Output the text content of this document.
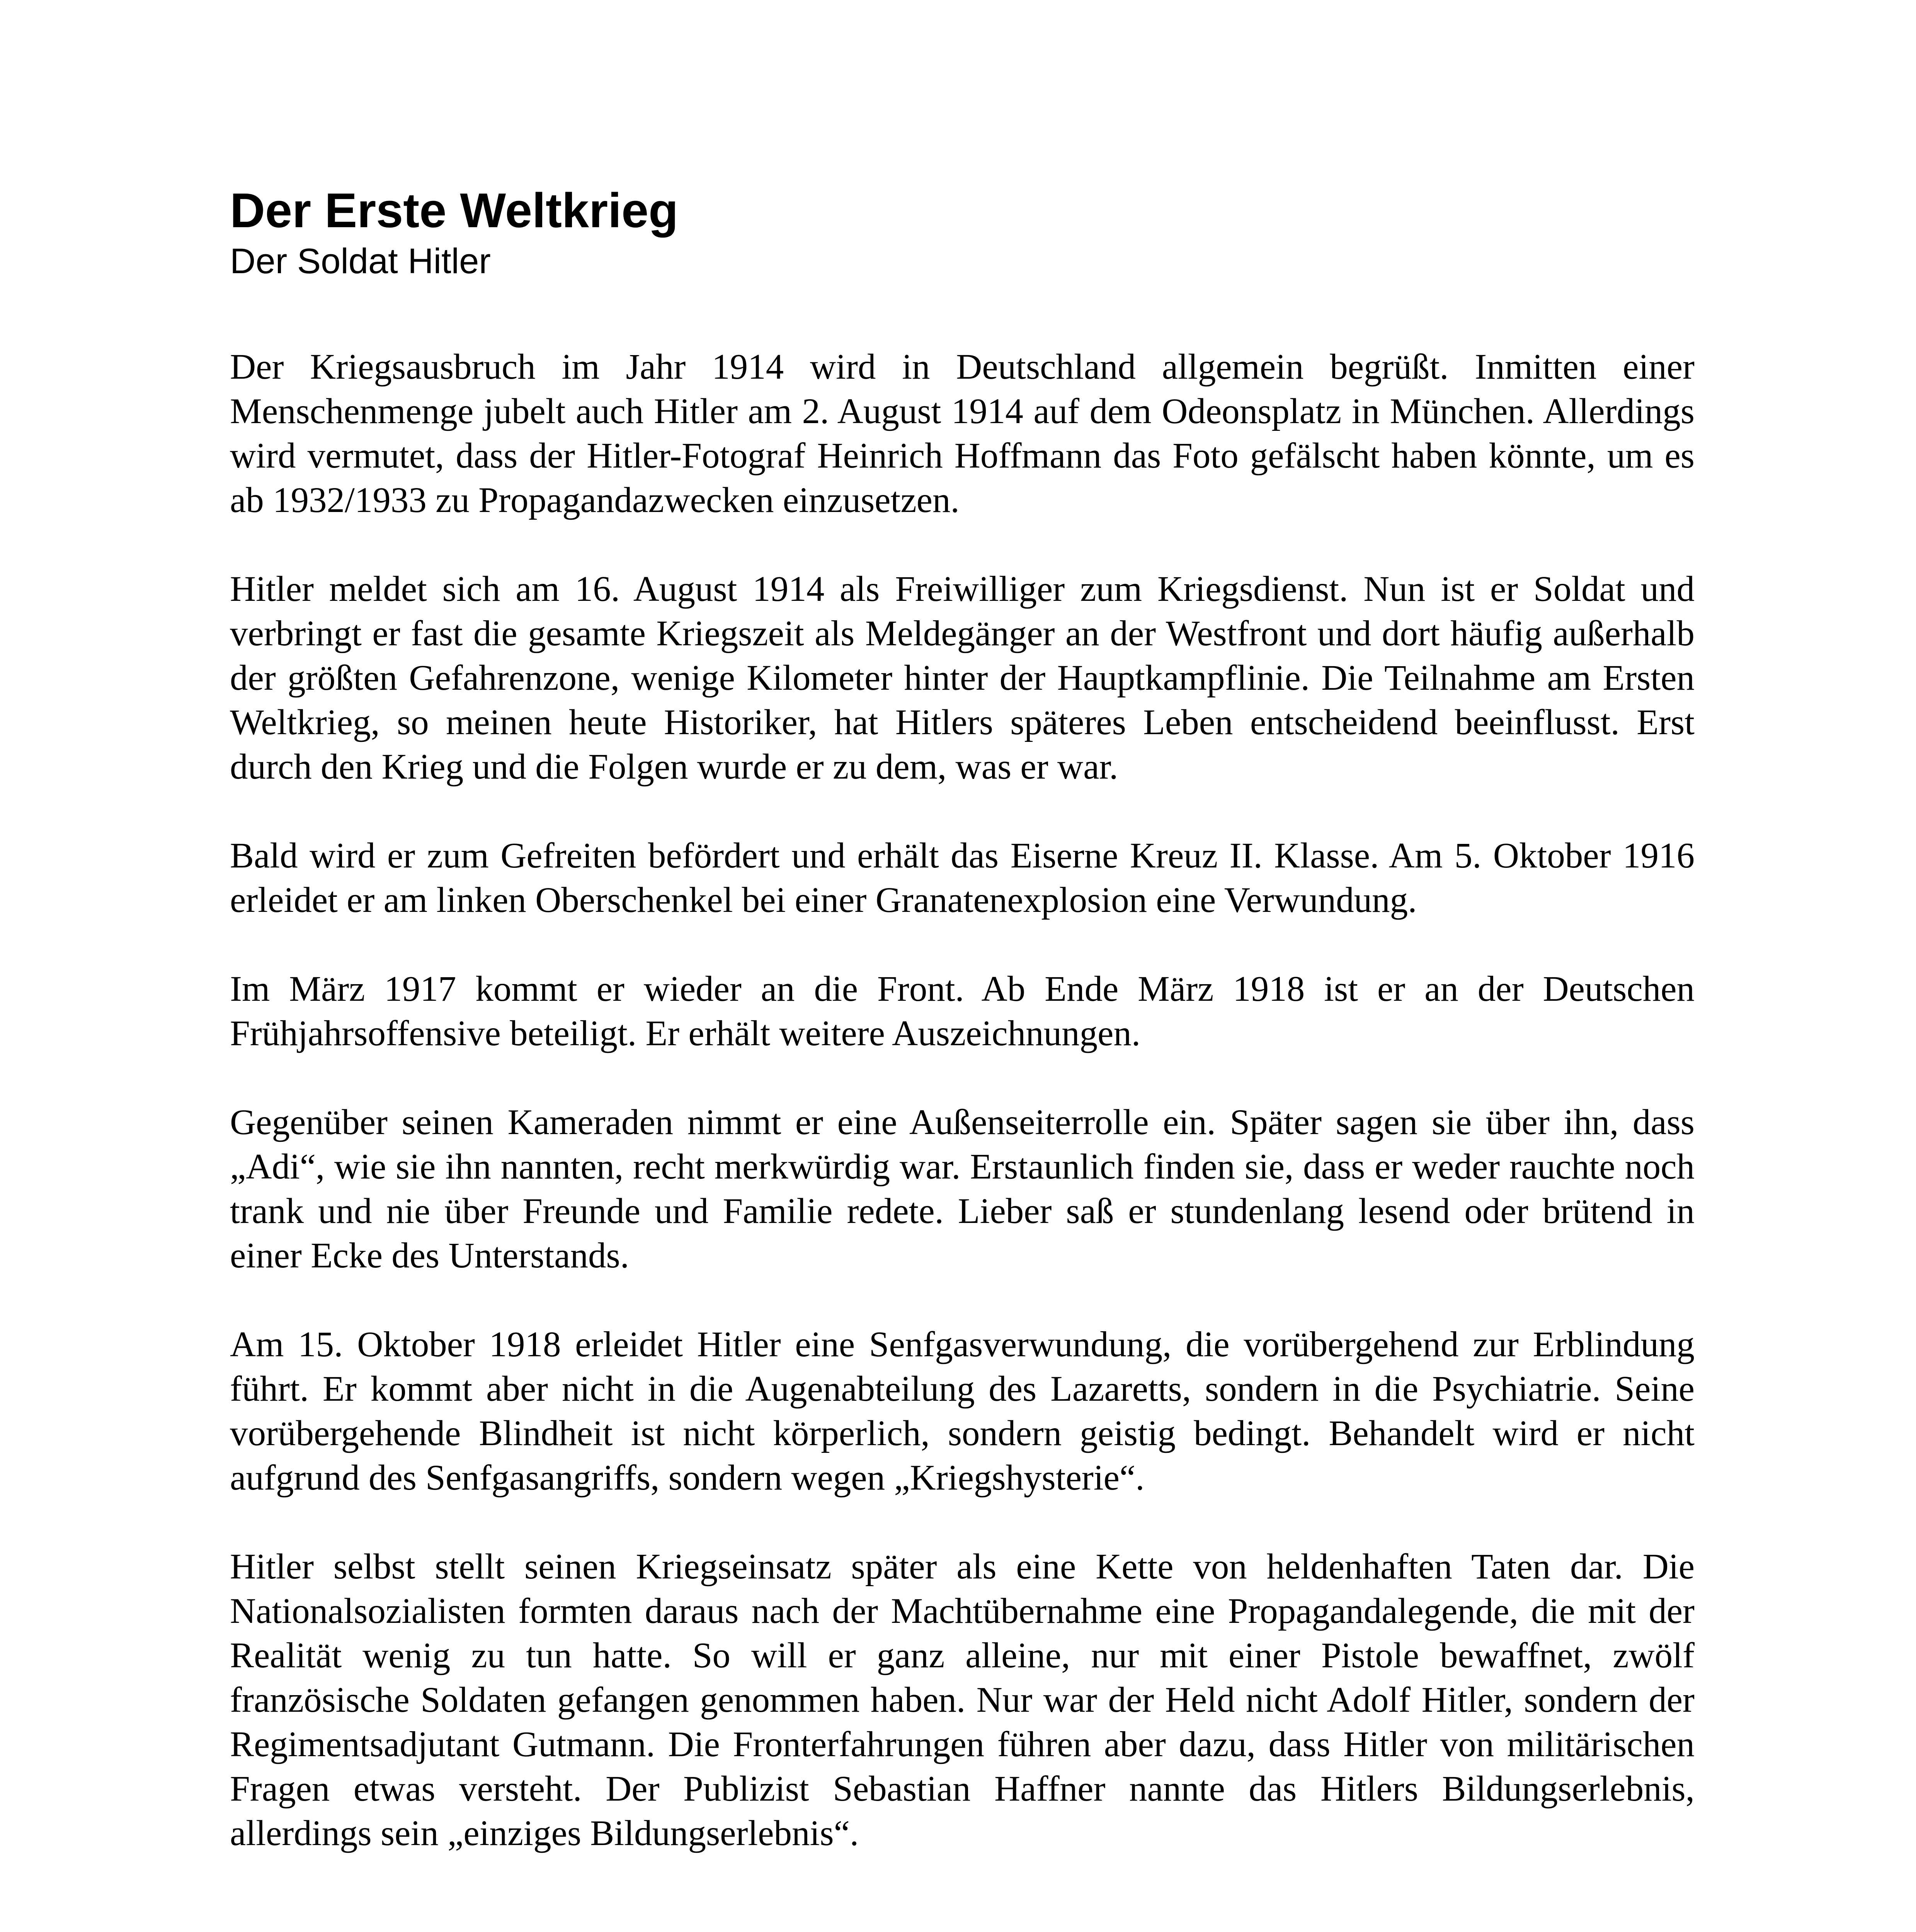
Der Erste Weltkrieg
Der Soldat Hitler

Der Kriegsausbruch im Jahr 1914 wird in Deutschland allgemein begrüßt. Inmitten einer Menschenmenge jubelt auch Hitler am 2. August 1914 auf dem Odeonsplatz in München. Allerdings wird vermutet, dass der Hitler-Fotograf Heinrich Hoffmann das Foto gefälscht haben könnte, um es ab 1932/1933 zu Propagandazwecken einzusetzen.

Hitler meldet sich am 16. August 1914 als Freiwilliger zum Kriegsdienst. Nun ist er Soldat und verbringt er fast die gesamte Kriegszeit als Meldegänger an der Westfront und dort häufig außerhalb der größten Gefahrenzone, wenige Kilometer hinter der Hauptkampflinie. Die Teilnahme am Ersten Weltkrieg, so meinen heute Historiker, hat Hitlers späteres Leben entscheidend beeinflusst. Erst durch den Krieg und die Folgen wurde er zu dem, was er war.

Bald wird er zum Gefreiten befördert und erhält das Eiserne Kreuz II. Klasse. Am 5. Oktober 1916 erleidet er am linken Oberschenkel bei einer Granatenexplosion eine Verwundung.

Im März 1917 kommt er wieder an die Front. Ab Ende März 1918 ist er an der Deutschen Frühjahrsoffensive beteiligt. Er erhält weitere Auszeichnungen.

Gegenüber seinen Kameraden nimmt er eine Außenseiterrolle ein. Später sagen sie über ihn, dass „Adi“, wie sie ihn nannten, recht merkwürdig war. Erstaunlich finden sie, dass er weder rauchte noch trank und nie über Freunde und Familie redete. Lieber saß er stundenlang lesend oder brütend in einer Ecke des Unterstands.

Am 15. Oktober 1918 erleidet Hitler eine Senfgasverwundung, die vorübergehend zur Erblindung führt. Er kommt aber nicht in die Augenabteilung des Lazaretts, sondern in die Psychiatrie. Seine vorübergehende Blindheit ist nicht körperlich, sondern geistig bedingt. Behandelt wird er nicht aufgrund des Senfgasangriffs, sondern wegen „Kriegshysterie“.

Hitler selbst stellt seinen Kriegseinsatz später als eine Kette von heldenhaften Taten dar. Die Nationalsozialisten formten daraus nach der Machtübernahme eine Propagandalegende, die mit der Realität wenig zu tun hatte. So will er ganz alleine, nur mit einer Pistole bewaffnet, zwölf französische Soldaten gefangen genommen haben. Nur war der Held nicht Adolf Hitler, sondern der Regimentsadjutant Gutmann. Die Fronterfahrungen führen aber dazu, dass Hitler von militärischen Fragen etwas versteht. Der Publizist Sebastian Haffner nannte das Hitlers Bildungserlebnis, allerdings sein „einziges Bildungserlebnis“.
